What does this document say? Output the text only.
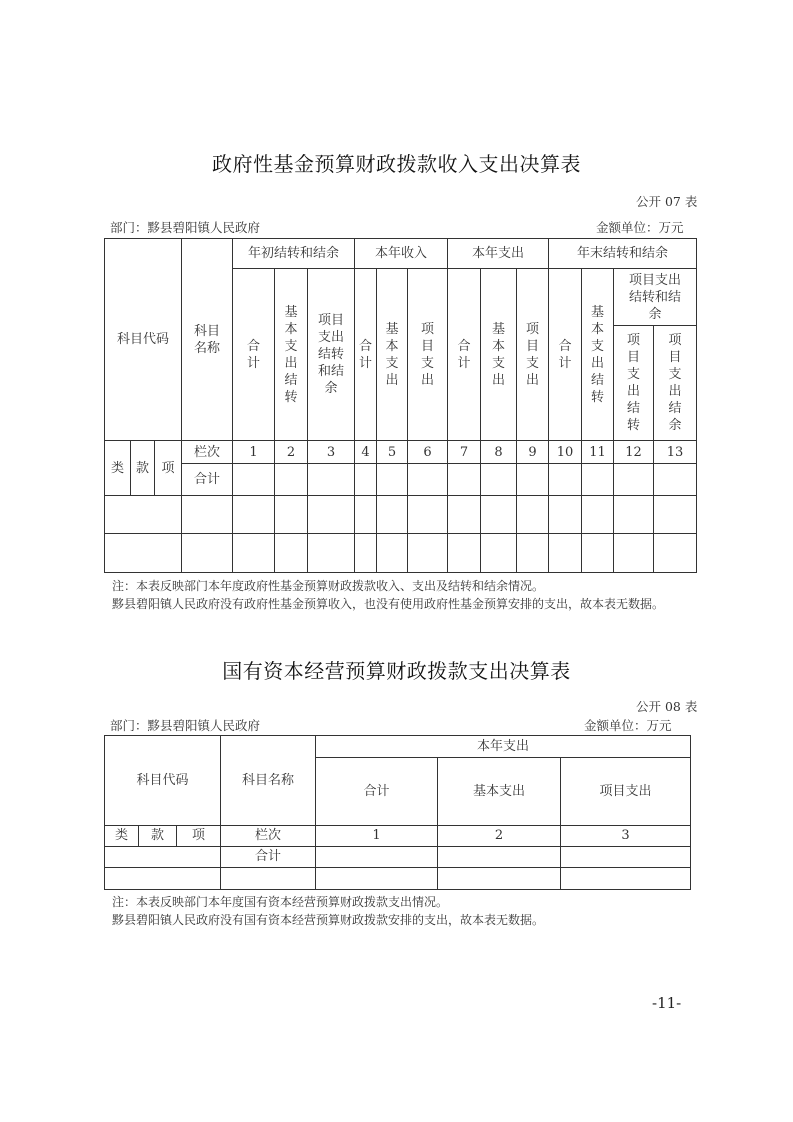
政府性基金预算财政拨款收入支出决算表
公开 07 表
部门：黟县碧阳镇人民政府	金额单位：万元
科目代码			科目名称	年初结转和结余			本年收入			本年支出			年末结转和结余			
				合计	基本支出结转	项目支出结转和结余	合计	基本支出	项目支出	合计	基本支出	项目支出	合计	基本支出结转	项目支出结转和结余	
															项目支出结转	项目支出结余
类	款	项	栏次	1	2	3	4	5	6	7	8	9	10	11	12	13
			合计													

注：本表反映部门本年度政府性基金预算财政拨款收入、支出及结转和结余情况。
黟县碧阳镇人民政府没有政府性基金预算收入，也没有使用政府性基金预算安排的支出，故本表无数据。
国有资本经营预算财政拨款支出决算表
公开 08 表
部门：黟县碧阳镇人民政府	金额单位：万元
科目代码			科目名称	本年支出		
				合计	基本支出	项目支出
类	款	项	栏次	1	2	3
			合计			

注：本表反映部门本年度国有资本经营预算财政拨款支出情况。
黟县碧阳镇人民政府没有国有资本经营预算财政拨款安排的支出，故本表无数据。
-11-
